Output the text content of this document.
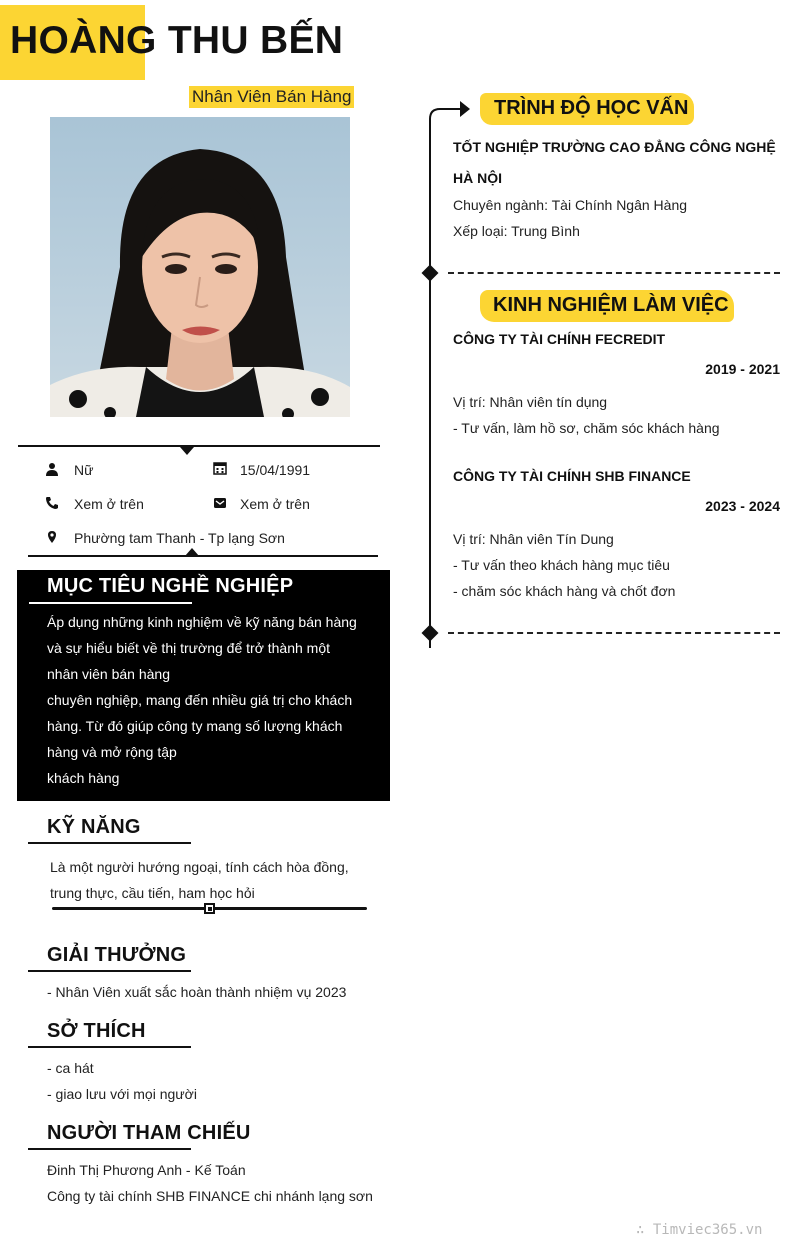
HOÀNG THU BẾN
Nhân Viên Bán Hàng
Nữ	15/04/1991
Xem ở trên	Xem ở trên
Phường tam Thanh - Tp lạng Sơn
MỤC TIÊU NGHỀ NGHIỆP
Áp dụng những kinh nghiệm về kỹ năng bán hàng
và sự hiểu biết về thị trường để trở thành một
nhân viên bán hàng
chuyên nghiệp, mang đến nhiều giá trị cho khách
hàng. Từ đó giúp công ty mang số lượng khách
hàng và mở rộng tập
khách hàng
KỸ NĂNG
Là một người hướng ngoại, tính cách hòa đồng,
trung thực, cầu tiến, ham học hỏi
GIẢI THƯỞNG
- Nhân Viên xuất sắc hoàn thành nhiệm vụ 2023
SỞ THÍCH
- ca hát
- giao lưu với mọi người
NGƯỜI THAM CHIẾU
Đinh Thị Phương Anh - Kế Toán
Công ty tài chính SHB FINANCE chi nhánh lạng sơn
TRÌNH ĐỘ HỌC VẤN
TỐT NGHIỆP TRƯỜNG CAO ĐẲNG CÔNG NGHỆ
HÀ NỘI
Chuyên ngành: Tài Chính Ngân Hàng
Xếp loại: Trung Bình
KINH NGHIỆM LÀM VIỆC
CÔNG TY TÀI CHÍNH FECREDIT
2019 - 2021
Vị trí: Nhân viên tín dụng
- Tư vấn, làm hồ sơ, chăm sóc khách hàng
CÔNG TY TÀI CHÍNH SHB FINANCE
2023 - 2024
Vị trí: Nhân viên Tín Dung
- Tư vấn theo khách hàng mục tiêu
- chăm sóc khách hàng và chốt đơn
∴ Timviec365.vn
